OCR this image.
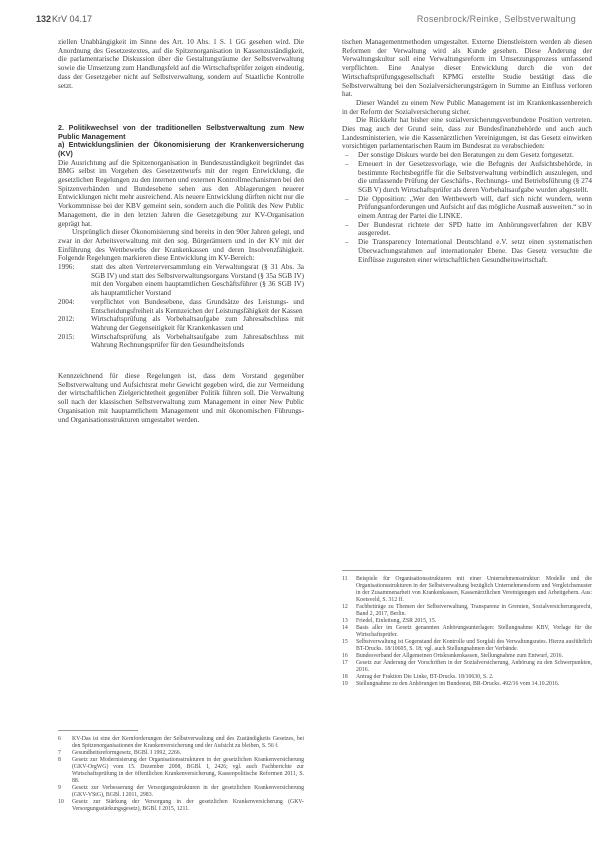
132 KrV 04.17	Rosenbrock/Reinke, Selbstverwaltung

ziellen Unabhängigkeit im Sinne des Art. 10 Abs. 1 S. 1 GG gesehen wird. Die Anordnung des Gesetzestextes, auf die Spitzenorganisation in Kassenzuständigkeit, die parlamentarische Diskussion über die Gestaltungsräume der Selbstverwaltung sowie die Umsetzung zum Handlungsfeld auf die Wirtschaftsprüfer zeigen eindeutig, dass der Gesetzgeber nicht auf Selbstverwaltung, sondern auf Staatliche Kontrolle setzt.

2. Politikwechsel von der traditionellen Selbstverwaltung zum New Public Management

a) Entwicklungslinien der Ökonomisierung der Krankenversicherung (KV)

Die Ausrichtung auf die Spitzenorganisation in Bundeszuständigkeit begründet das BMG selbst im Vorgehen des Gesetzentwurfs mit der regen Entwicklung, die gesetzlichen Regelungen zu den internen und externen Kontrollmechanismen bei den Spitzenverbänden und Bundesebene sehen aus den Ablagerungen neuerer Entwicklungen nicht mehr ausreichend. Als neuere Entwicklung dürften nicht nur die Vorkommnisse bei der KBV gemeint sein, sondern auch die Politik des New Public Management, die in den letzten Jahren die Gesetzgebung zur KV-Organisation geprägt hat.

Ursprünglich dieser Ökonomisierung sind bereits in den 90er Jahren gelegt, und zwar in der Arbeitsverwaltung mit den sog. Bürgerämtern und in der KV mit der Einführung des Wettbewerbs der Krankenkassen und deren Insolvenzfähigkeit. Folgende Regelungen markieren diese Entwicklung im KV-Bereich:

1996:	statt des alten Vertreterversammlung ein Verwaltungsrat (§ 31 Abs. 3a SGB IV) und statt des Selbstverwaltungsorgans Vorstand (§ 35a SGB IV) mit den Vorgaben einem hauptamtlichen Geschäftsführer (§ 36 SGB IV) als hauptamtlicher Vorstand
2004:	verpflichtet von Bundesebene, dass Grundsätze des Leistungs- und Entscheidungsfreiheit als Kennzeichen der Leistungsfähigkeit der Kassen
2012:	Wirtschaftsprüfung als Vorbehaltsaufgabe zum Jahresabschluss mit Wahrung der Gegenseitigkeit für Krankenkassen und
2015:	Wirtschaftsprüfung als Vorbehaltsaufgabe zum Jahresabschluss mit Wahrung Rechnungsprüfer für den Gesundheitsfonds

Kennzeichnend für diese Regelungen ist, dass dem Vorstand gegenüber Selbstverwaltung und Aufsichtsrat mehr Gewicht gegeben wird, die zur Vermeidung der wirtschaftlichen Zielgerichtetheit gegenüber Politik führen soll. Die Verwaltung soll nach der klassischen Selbstverwaltung zum Management in einer New Public Organisation mit hauptamtlichem Management und mit ökonomischen Führungs- und Organisationsstrukturen umgestaltet werden.

tischen Managementmethoden umgestaltet. Externe Dienstleistern werden ab diesen Reformen der Verwaltung wird als Kunde gesehen. Diese Änderung der Verwaltungskultur soll eine Verwaltungsreform im Umsetzungsprozess umfassend verpflichten. Eine Analyse dieser Entwicklung durch die von der Wirtschaftsprüfungsgesellschaft KPMG erstellte Studie bestätigt dass die Selbstverwaltung bei den Sozialversicherungsträgern in Summe an Einfluss verloren hat.

Dieser Wandel zu einem New Public Management ist im Krankenkassenbereich in der Reform der Sozialversicherung sicher.

Die Rückkehr hat bisher eine sozialversicherungsverbundene Position vertreten. Dies mag auch der Grund sein, dass zur Bundesfinanzbehörde und auch auch Landesministerien, wie die Kassenärztlichen Vereinigungen, ist das Gesetz einwirken vorsichtigen parlamentarischen Raum im Bundesrat zu verabschieden:

– Der sonstige Diskurs wurde bei den Beratungen zu dem Gesetz fortgesetzt.
– Erneuert in der Gesetzesvorlage, wie die Befugnis der Aufsichtsbehörde, in bestimmte Rechtsbegriffe für die Selbstverwaltung verbindlich auszulegen, und die umfassende Prüfung der Geschäfts-, Rechnungs- und Betriebsführung (§ 274 SGB V) durch Wirtschaftsprüfer als deren Vorbehaltsaufgabe wurden abgestellt.
– Die Opposition: „Wer den Wettbewerb will, darf sich nicht wundern, wenn Prüfungsanforderungen und Aufsicht auf das mögliche Ausmaß ausweiten.“ so in einem Antrag der Partei die LINKE.
– Der Bundesrat richtete der SPD hatte im Anhörungsverfahren der KBV ausgeredet.
– Die Transparency International Deutschland e.V. setzt einen systematischen Überwachungsrahmen auf internationaler Ebene. Das Gesetz versuchte die Einflüsse zugunsten einer wirtschaftlichen Gesundheitswirtschaft.
6	KV-Das ist eine der Kernforderungen der Selbstverwaltung und des Zuständigkeits Gesetzes, bei den Spitzenorganisationen der Krankenversicherung und der Aufsicht zu bleiben, S. 56 f.
7	Gesundheitsreformgesetz, BGBl. I 1992, 2266.
8	Gesetz zur Modernisierung der Organisationsstrukturen in der gesetzlichen Krankenversicherung (GKV-OrgWG) vom 15. Dezember 2008, BGBl. I, 2426; vgl. auch Fachberichte zur Wirtschaftsprüfung in der öffentlichen Krankenversicherung, Kassenpolitische Reformen 2011, S. 88.
9	Gesetz zur Verbesserung der Versorgungsstrukturen in der gesetzlichen Krankenversicherung (GKV-VStG), BGBl. I 2011, 2983.
10	Gesetz zur Stärkung der Versorgung in der gesetzlichen Krankenversicherung (GKV-Versorgungsstärkungsgesetz), BGBl. I 2015, 1211.
11	Beispiele für Organisationsstrukturen mit einer Unternehmensstruktur: Modelle und die Organisationsstrukturen in der Selbstverwaltung bezüglich Unternehmensform und Vergleichsmuster in der Zusammenarbeit von Krankenkassen, Kassenärztlichen Vereinigungen und Arbeitgebern. Aus: Koetsveld, S. 312 ff.
12	Fachbeiträge zu Themen der Selbstverwaltung, Transparenz in Gremien, Sozialversicherungsrecht, Band 2, 2017, Berlin.
13	Friedel, Einleitung, ZSR 2015, 15.
14	Basis aller im Gesetz genannten Anhörungsunterlagen: Stellungnahme KBV, Vorlage für die Wirtschaftsprüfer.
15	Selbstverwaltung ist Gegenstand der Kontrolle und Sorgfalt des Verwaltungsrates. Hierzu ausführlich BT-Drucks. 18/10605, S. 18; vgl. auch Stellungnahmen der Verbände.
16	Bundesverband der Allgemeinen Ortskrankenkassen, Stellungnahme zum Entwurf, 2016.
17	Gesetz zur Änderung der Vorschriften in der Sozialversicherung, Anhörung zu den Schwerpunkten, 2016.
18	Antrag der Fraktion Die Linke, BT-Drucks. 18/10630, S. 2.
19	Stellungnahme zu den Anhörungen im Bundesrat, BR-Drucks. 492/16 vom 14.10.2016.
